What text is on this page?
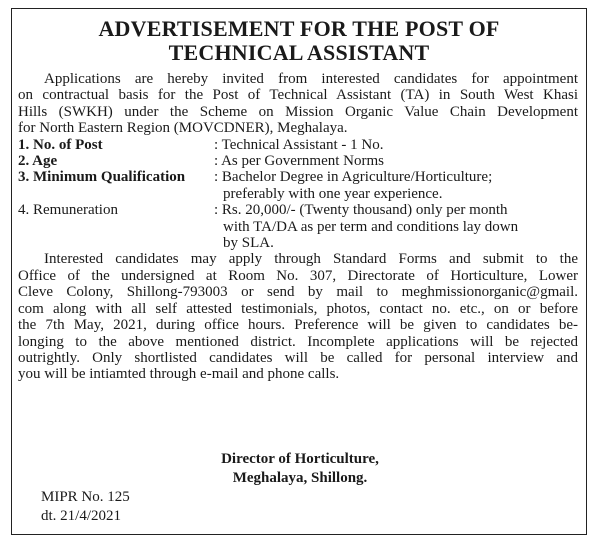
ADVERTISEMENT FOR THE POST OF
TECHNICAL ASSISTANT

Applications are hereby invited from interested candidates for appointment
on contractual basis for the Post of Technical Assistant (TA) in South West Khasi
Hills (SWKH) under the Scheme on Mission Organic Value Chain Development
for North Eastern Region (MOVCDNER), Meghalaya.

1. No. of Post	: Technical Assistant - 1 No.
2. Age	: As per Government Norms
3. Minimum Qualification	: Bachelor Degree in Agriculture/Horticulture;
preferably with one year experience.
4. Remuneration	: Rs. 20,000/- (Twenty thousand) only per month
with TA/DA as per term and conditions lay down
by SLA.

Interested candidates may apply through Standard Forms and submit to the
Office of the undersigned at Room No. 307, Directorate of Horticulture, Lower
Cleve Colony, Shillong-793003 or send by mail to meghmissionorganic@gmail.
com along with all self attested testimonials, photos, contact no. etc., on or before
the 7th May, 2021, during office hours. Preference will be given to candidates be-
longing to the above mentioned district. Incomplete applications will be rejected
outrightly. Only shortlisted candidates will be called for personal interview and
you will be intiamted through e-mail and phone calls.

Director of Horticulture,
Meghalaya, Shillong.
MIPR No. 125
dt. 21/4/2021
